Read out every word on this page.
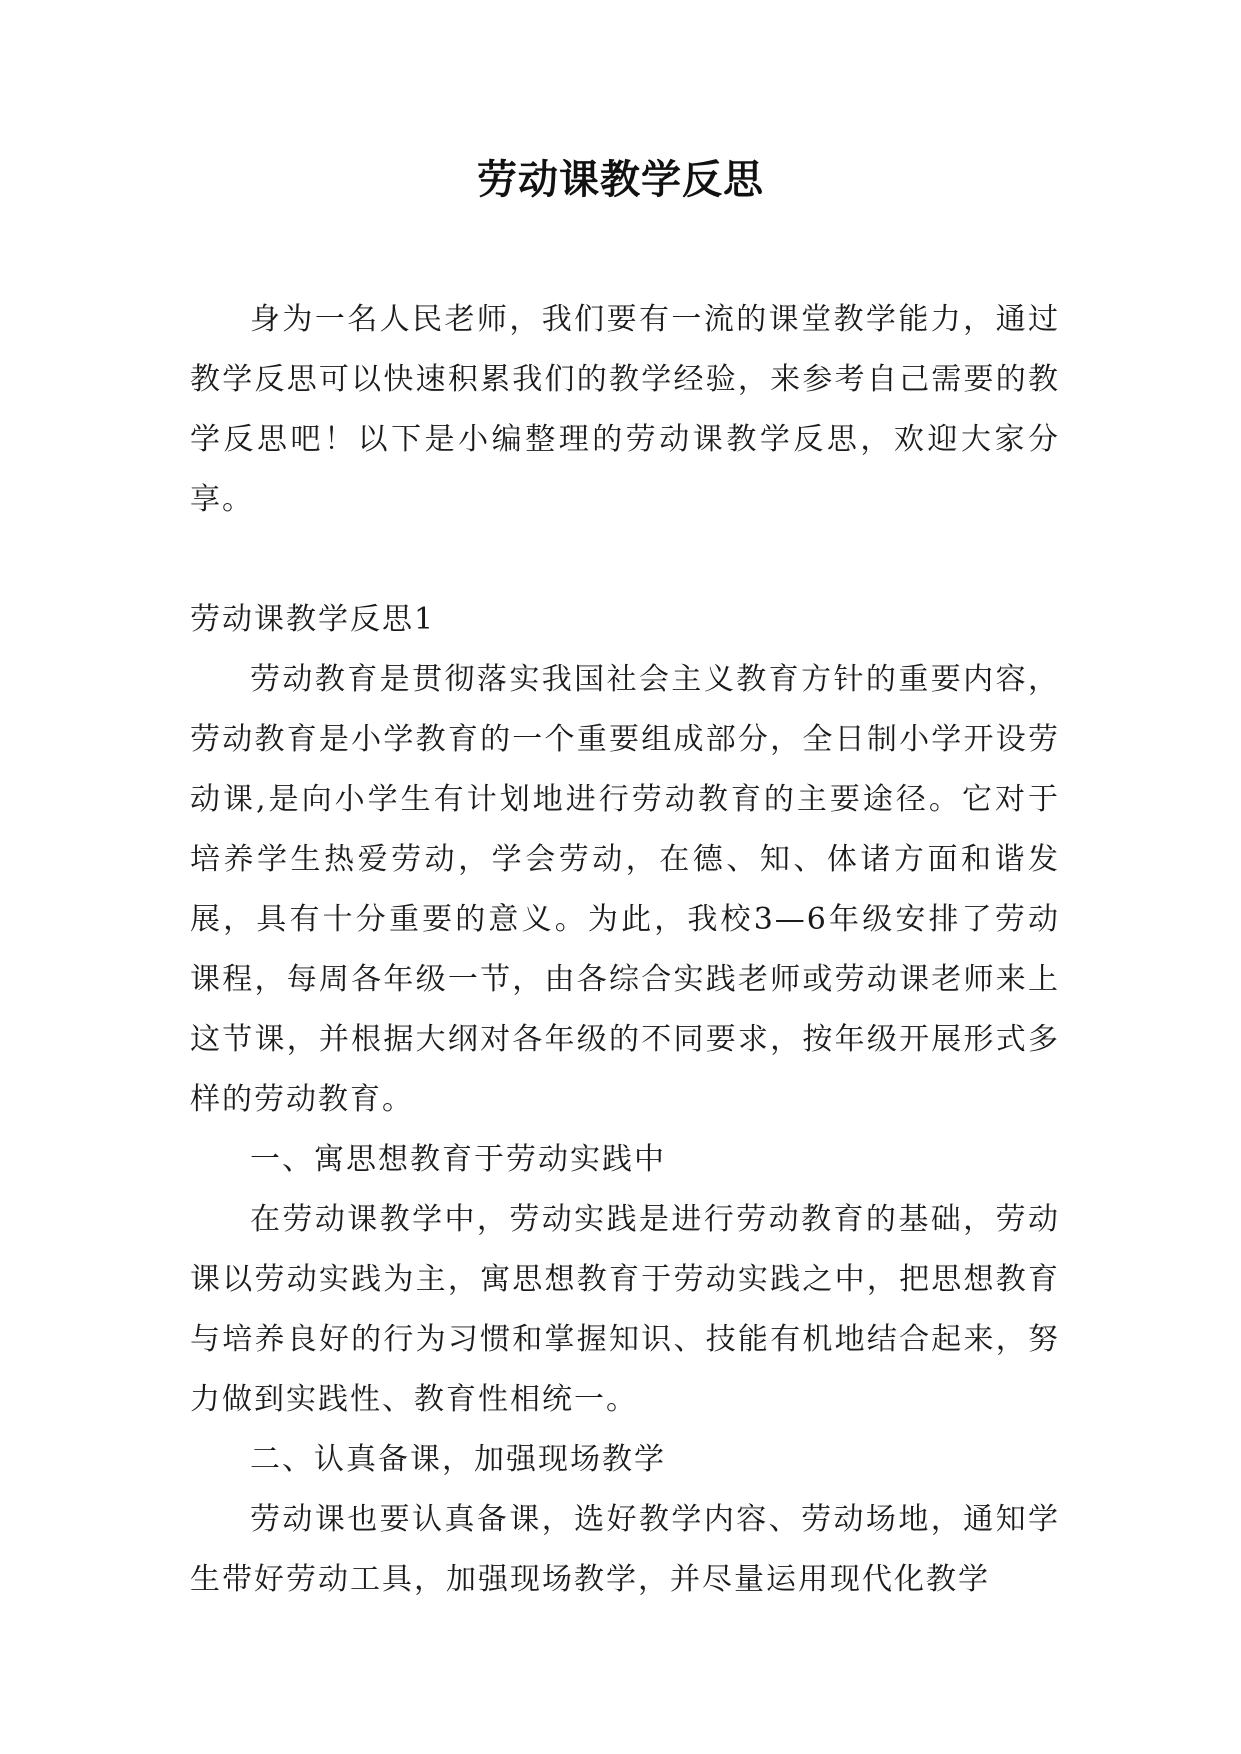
劳动课教学反思

身为一名人民老师，我们要有一流的课堂教学能力，通过教学反思可以快速积累我们的教学经验，来参考自己需要的教学反思吧！以下是小编整理的劳动课教学反思，欢迎大家分享。

劳动课教学反思1

劳动教育是贯彻落实我国社会主义教育方针的重要内容，劳动教育是小学教育的一个重要组成部分，全日制小学开设劳动课,是向小学生有计划地进行劳动教育的主要途径。它对于培养学生热爱劳动，学会劳动，在德、知、体诸方面和谐发展，具有十分重要的意义。为此，我校3—6年级安排了劳动课程，每周各年级一节，由各综合实践老师或劳动课老师来上这节课，并根据大纲对各年级的不同要求，按年级开展形式多样的劳动教育。

一、寓思想教育于劳动实践中

在劳动课教学中，劳动实践是进行劳动教育的基础，劳动课以劳动实践为主，寓思想教育于劳动实践之中，把思想教育与培养良好的行为习惯和掌握知识、技能有机地结合起来，努力做到实践性、教育性相统一。

二、认真备课，加强现场教学

劳动课也要认真备课，选好教学内容、劳动场地，通知学生带好劳动工具，加强现场教学，并尽量运用现代化教学
